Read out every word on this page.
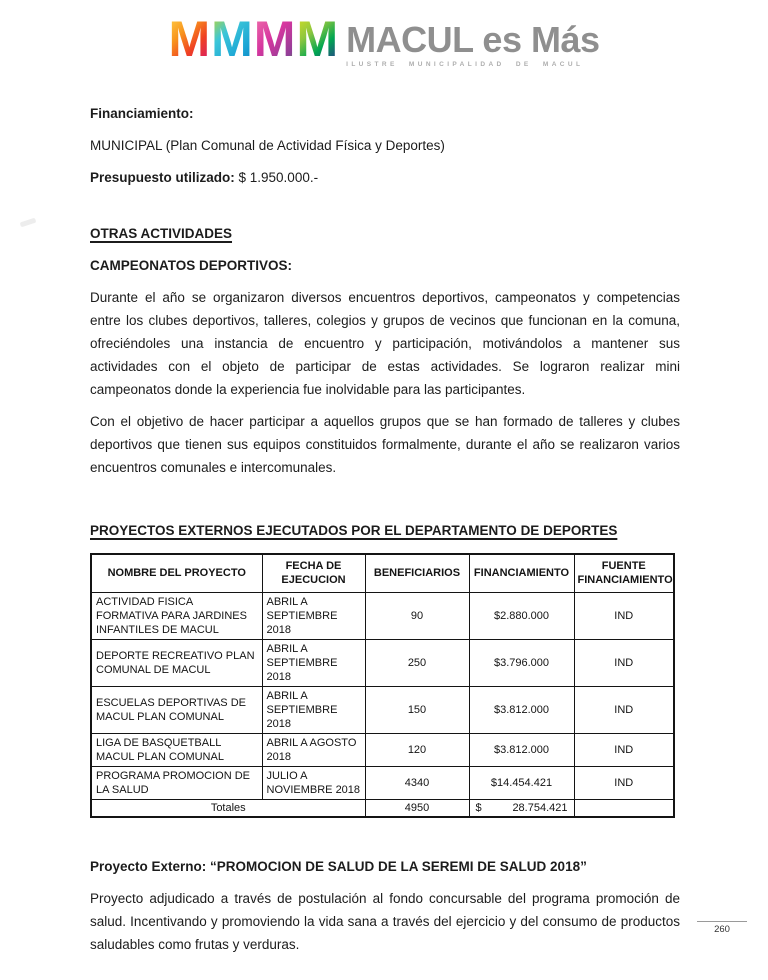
M M M M MACUL es Más
ILUSTRE MUNICIPALIDAD DE MACUL

Financiamiento:

MUNICIPAL (Plan Comunal de Actividad Física y Deportes)

Presupuesto utilizado: $ 1.950.000.-

OTRAS ACTIVIDADES

CAMPEONATOS DEPORTIVOS:

Durante el año se organizaron diversos encuentros deportivos, campeonatos y competencias entre los clubes deportivos, talleres, colegios y grupos de vecinos que funcionan en la comuna, ofreciéndoles una instancia de encuentro y participación, motivándolos a mantener sus actividades con el objeto de participar de estas actividades. Se lograron realizar mini campeonatos donde la experiencia fue inolvidable para las participantes.

Con el objetivo de hacer participar a aquellos grupos que se han formado de talleres y clubes deportivos que tienen sus equipos constituidos formalmente, durante el año se realizaron varios encuentros comunales e intercomunales.

PROYECTOS EXTERNOS EJECUTADOS POR EL DEPARTAMENTO DE DEPORTES

NOMBRE DEL PROYECTO	FECHA DE EJECUCION	BENEFICIARIOS	FINANCIAMIENTO	FUENTE FINANCIAMIENTO
ACTIVIDAD FISICA FORMATIVA PARA JARDINES INFANTILES DE MACUL	ABRIL A SEPTIEMBRE 2018	90	$2.880.000	IND
DEPORTE RECREATIVO PLAN COMUNAL DE MACUL	ABRIL A SEPTIEMBRE 2018	250	$3.796.000	IND
ESCUELAS DEPORTIVAS DE MACUL PLAN COMUNAL	ABRIL A SEPTIEMBRE 2018	150	$3.812.000	IND
LIGA DE BASQUETBALL MACUL PLAN COMUNAL	ABRIL A AGOSTO 2018	120	$3.812.000	IND
PROGRAMA PROMOCION DE LA SALUD	JULIO A NOVIEMBRE 2018	4340	$14.454.421	IND
Totales		4950	$ 28.754.421	

Proyecto Externo: “PROMOCION DE SALUD DE LA SEREMI DE SALUD 2018”

Proyecto adjudicado a través de postulación al fondo concursable del programa promoción de salud. Incentivando y promoviendo la vida sana a través del ejercicio y del consumo de productos saludables como frutas y verduras.

260
